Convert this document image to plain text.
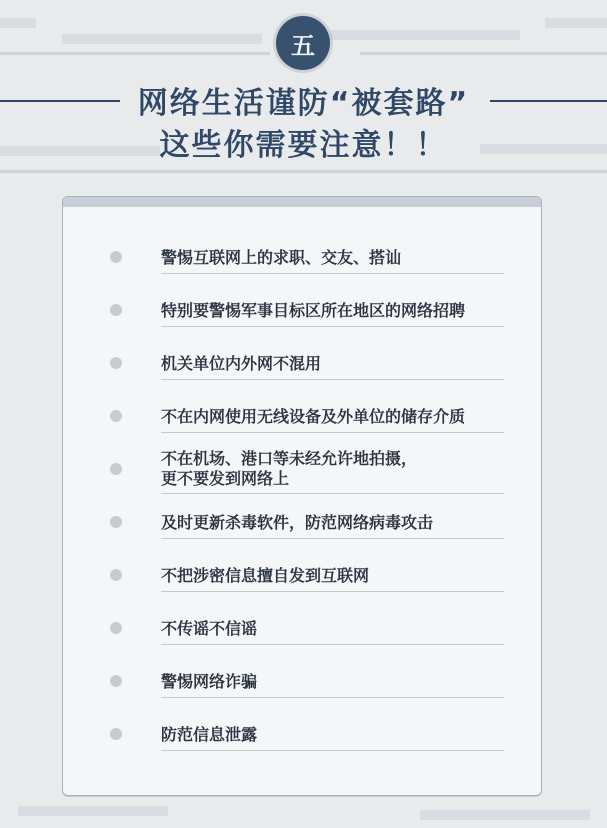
五
网络生活谨防“被套路”
这些你需要注意！！
警惕互联网上的求职、交友、搭讪
特别要警惕军事目标区所在地区的网络招聘
机关单位内外网不混用
不在内网使用无线设备及外单位的储存介质
不在机场、港口等未经允许地拍摄，
更不要发到网络上
及时更新杀毒软件，防范网络病毒攻击
不把涉密信息擅自发到互联网
不传谣不信谣
警惕网络诈骗
防范信息泄露
